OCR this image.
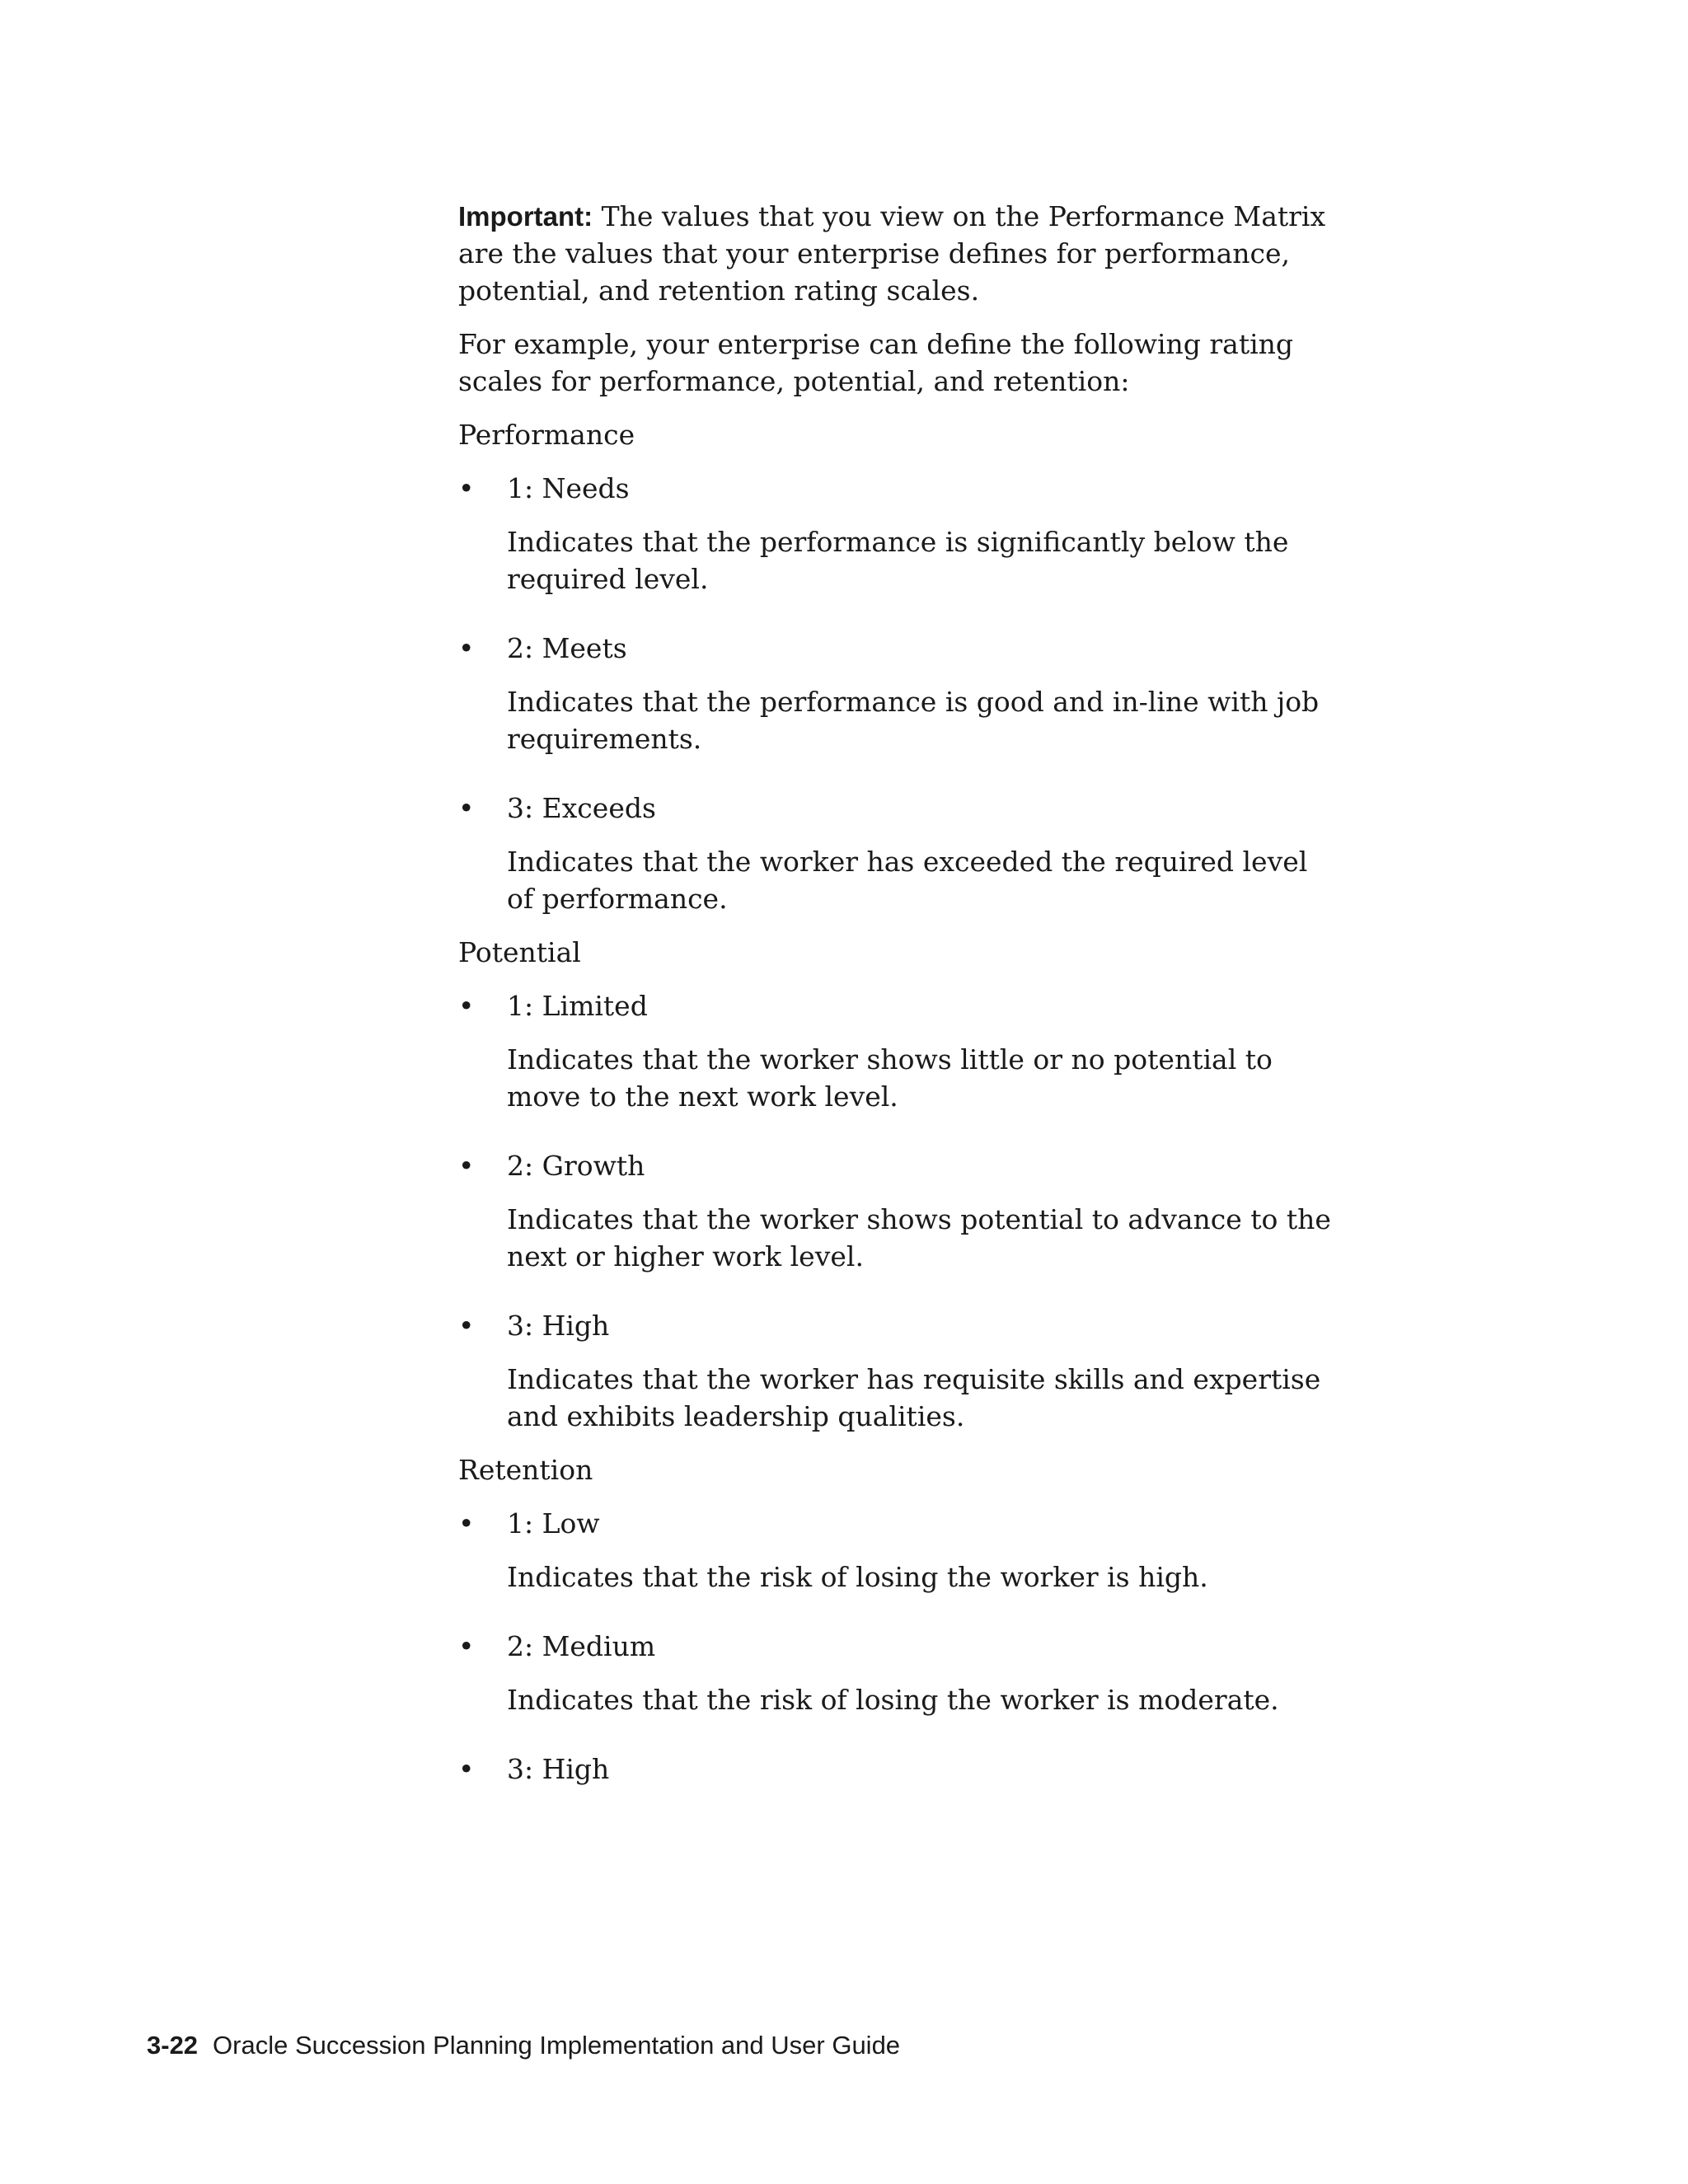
Important: The values that you view on the Performance Matrix are the values that your enterprise defines for performance, potential, and retention rating scales.

For example, your enterprise can define the following rating scales for performance, potential, and retention:

Performance
• 1: Needs
Indicates that the performance is significantly below the required level.
• 2: Meets
Indicates that the performance is good and in-line with job requirements.
• 3: Exceeds
Indicates that the worker has exceeded the required level of performance.
Potential
• 1: Limited
Indicates that the worker shows little or no potential to move to the next work level.
• 2: Growth
Indicates that the worker shows potential to advance to the next or higher work level.
• 3: High
Indicates that the worker has requisite skills and expertise and exhibits leadership qualities.
Retention
• 1: Low
Indicates that the risk of losing the worker is high.
• 2: Medium
Indicates that the risk of losing the worker is moderate.
• 3: High
3-22 Oracle Succession Planning Implementation and User Guide
